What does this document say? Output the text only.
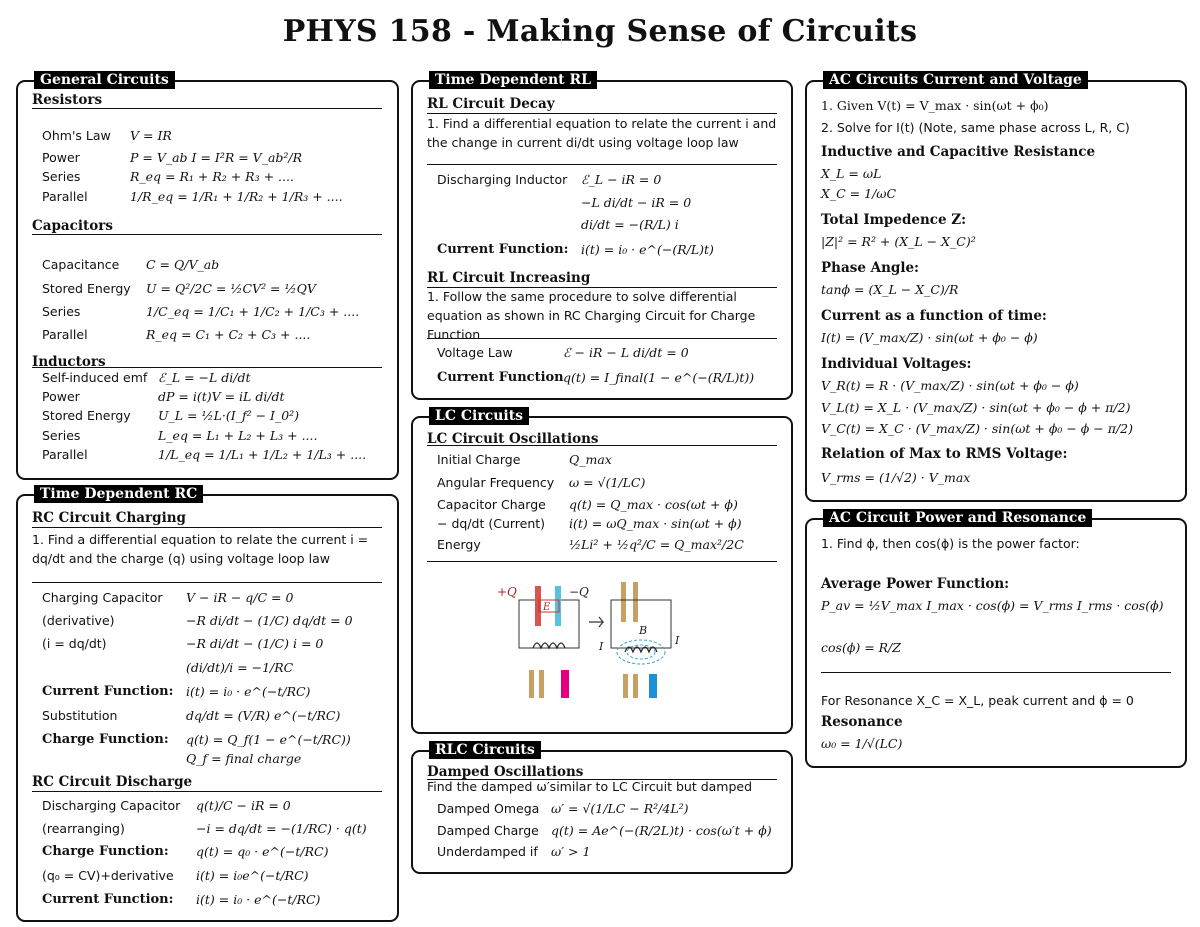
PHYS 158 - Making Sense of Circuits
General Circuits
Resistors
Ohm's Law V = IR
Power	P = V_ab I = I²R = V_ab²/R
Series	R_eq = R₁ + R₂ + R₃ + ....
Parallel	1/R_eq = 1/R₁ + 1/R₂ + 1/R₃ + ....
Capacitors
Capacitance C = Q/V_ab
Stored Energy U = Q²/2C = ½CV² = ½QV
Series	1/C_eq = 1/C₁ + 1/C₂ + 1/C₃ + ....
Parallel	R_eq = C₁ + C₂ + C₃ + ....
Inductors
Self-induced emf ℰ_L = −L di/dt
Power	dP = i(t)V = iL di/dt
Stored Energy U_L = ½L·(I_f² − I_0²)
Series	L_eq = L₁ + L₂ + L₃ + ....
Parallel	1/L_eq = 1/L₁ + 1/L₂ + 1/L₃ + ....
Time Dependent RC
RC Circuit Charging
1. Find a differential equation to relate the current i = dq/dt and the charge (q) using voltage loop law
Charging Capacitor V − iR − q/C = 0
(derivative)	−R di/dt − (1/C) dq/dt = 0
(i = dq/dt)	−R di/dt − (1/C) i = 0
(di/dt)/i = −1/RC
Current Function: i(t) = i₀ · e^(−t/RC)
Substitution	dq/dt = (V/R) e^(−t/RC)
Charge Function: q(t) = Q_f(1 − e^(−t/RC))
Q_f = final charge
RC Circuit Discharge
Discharging Capacitor q(t)/C − iR = 0
(rearranging)	−i = dq/dt = −(1/RC) · q(t)
Charge Function: q(t) = q₀ · e^(−t/RC)
(q₀ = CV)+derivative i(t) = i₀e^(−t/RC)
Current Function: i(t) = i₀ · e^(−t/RC)
Time Dependent RL
RL Circuit Decay
1. Find a differential equation to relate the current i and the change in current di/dt using voltage loop law
Discharging Inductor ℰ_L − iR = 0
−L di/dt − iR = 0
di/dt = −(R/L) i
Current Function: i(t) = i₀ · e^(−(R/L)t)
RL Circuit Increasing
1. Follow the same procedure to solve differential equation as shown in RC Charging Circuit for Charge Function
Voltage Law	ℰ − iR − L di/dt = 0
Current Function q(t) = I_final(1 − e^(−(R/L)t))
LC Circuits
LC Circuit Oscillations
Initial Charge	Q_max
Angular Frequency ω = √(1/LC)
Capacitor Charge q(t) = Q_max · cos(ωt + ϕ)
− dq/dt (Current) i(t) = ωQ_max · sin(ωt + ϕ)
Energy	½Li² + ½q²/C = Q_max²/2C
+Q	−Q
E
B
I	I
RLC Circuits
Damped Oscillations
Find the damped ω′similar to LC Circuit but damped
Damped Omega ω′ = √(1/LC − R²/4L²)
Damped Charge q(t) = Ae^(−(R/2L)t) · cos(ω′t + ϕ)
Underdamped if ω′ > 1
AC Circuits Current and Voltage
1. Given V(t) = V_max · sin(ωt + ϕ₀)
2. Solve for I(t) (Note, same phase across L, R, C)
Inductive and Capacitive Resistance
X_L = ωL
X_C = 1/ωC
Total Impedence Z:
|Z|² = R² + (X_L − X_C)²
Phase Angle:
tanϕ = (X_L − X_C)/R
Current as a function of time:
I(t) = (V_max/Z) · sin(ωt + ϕ₀ − ϕ)
Individual Voltages:
V_R(t) = R · (V_max/Z) · sin(ωt + ϕ₀ − ϕ)
V_L(t) = X_L · (V_max/Z) · sin(ωt + ϕ₀ − ϕ + π/2)
V_C(t) = X_C · (V_max/Z) · sin(ωt + ϕ₀ − ϕ − π/2)
Relation of Max to RMS Voltage:
V_rms = (1/√2) · V_max
AC Circuit Power and Resonance
1. Find ϕ, then cos(ϕ) is the power factor:
Average Power Function:
P_av = ½V_max I_max · cos(ϕ) = V_rms I_rms · cos(ϕ)
cos(ϕ) = R/Z
For Resonance X_C = X_L, peak current and ϕ = 0
Resonance
ω₀ = 1/√(LC)
